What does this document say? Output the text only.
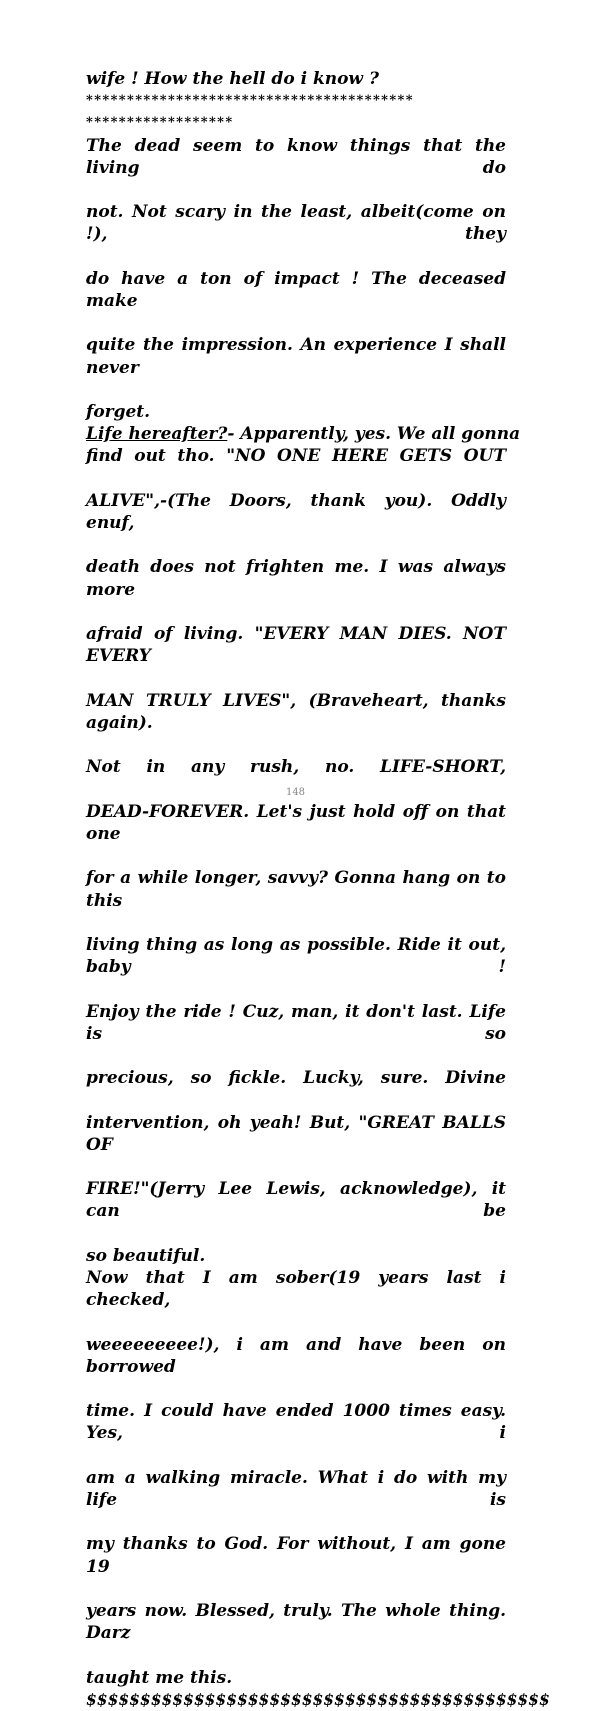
wife ! How the hell do i know ?
****************************************
******************
The dead seem to know things that the living do
not. Not scary in the least, albeit(come on !), they
do have a ton of impact ! The deceased make
quite the impression. An experience I shall never
forget.
Life hereafter? - Apparently, yes. We all gonna
find out tho. "NO ONE HERE GETS OUT
ALIVE",-(The Doors, thank you). Oddly enuf,
death does not frighten me. I was always more
afraid of living. "EVERY MAN DIES. NOT EVERY
MAN TRULY LIVES", (Braveheart, thanks again).
Not in any rush, no. LIFE-SHORT,
DEAD-FOREVER. Let's just hold off on that one
for a while longer, savvy? Gonna hang on to this
living thing as long as possible. Ride it out, baby !
Enjoy the ride ! Cuz, man, it don't last. Life is so
precious, so fickle. Lucky, sure. Divine
intervention, oh yeah! But, "GREAT BALLS OF
FIRE!"(Jerry Lee Lewis, acknowledge), it can be
so beautiful.
Now that I am sober(19 years last i checked,
weeeeeeeee!), i am and have been on borrowed
time. I could have ended 1000 times easy. Yes, i
am a walking miracle. What i do with my life is
my thanks to God. For without, I am gone 19
years now. Blessed, truly. The whole thing. Darz
taught me this.
$$$$$$$$$$$$$$$$$$$$$$$$$$$$$$$$$$$$$$$$$$$
148
